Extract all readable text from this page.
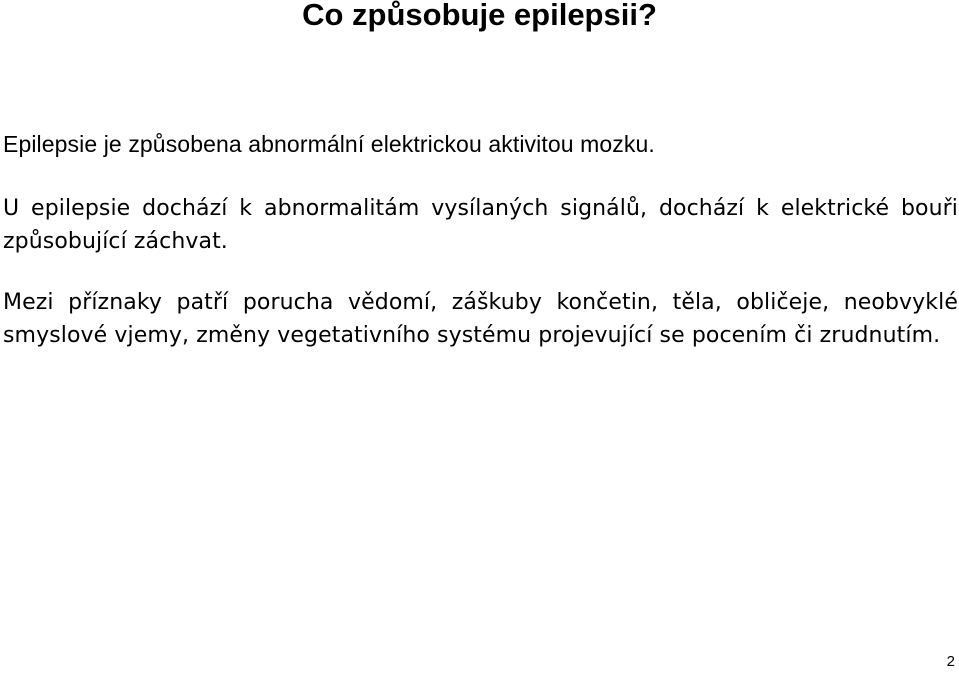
Co způsobuje epilepsii?

Epilepsie je způsobena abnormální elektrickou aktivitou mozku.

U epilepsie dochází k abnormalitám vysílaných signálů, dochází k elektrické bouři způsobující záchvat.

Mezi příznaky patří porucha vědomí, záškuby končetin, těla, obličeje, neobvyklé smyslové vjemy, změny vegetativního systému projevující se pocením či zrudnutím.

2
